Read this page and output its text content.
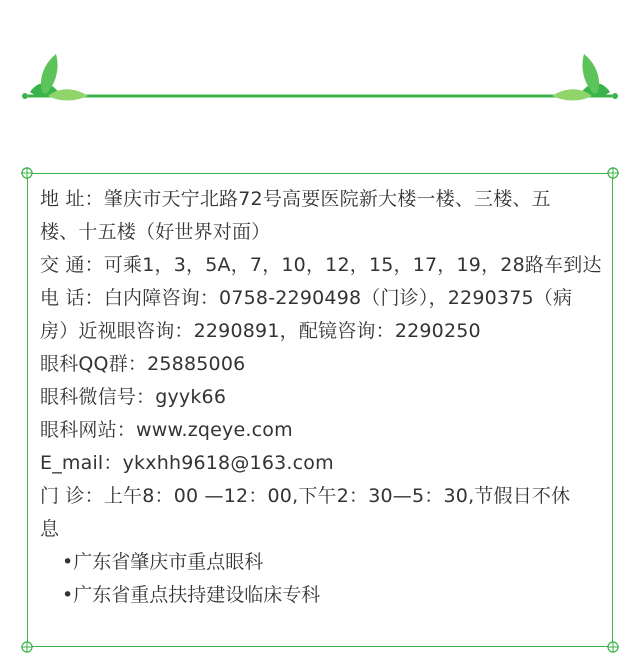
地 址：肇庆市天宁北路72号高要医院新大楼一楼、三楼、五

楼、十五楼（好世界对面）

交 通：可乘1，3，5A，7，10，12，15，17，19，28路车到达

电 话：白内障咨询：0758-2290498（门诊），2290375（病

房）近视眼咨询：2290891，配镜咨询：2290250

眼科QQ群：25885006

眼科微信号：gyyk66

眼科网站：www.zqeye.com

E_mail：ykxhh9618@163.com

门 诊：上午8：00 —12：00,下午2：30—5：30,节假日不休

息

•广东省肇庆市重点眼科

•广东省重点扶持建设临床专科
